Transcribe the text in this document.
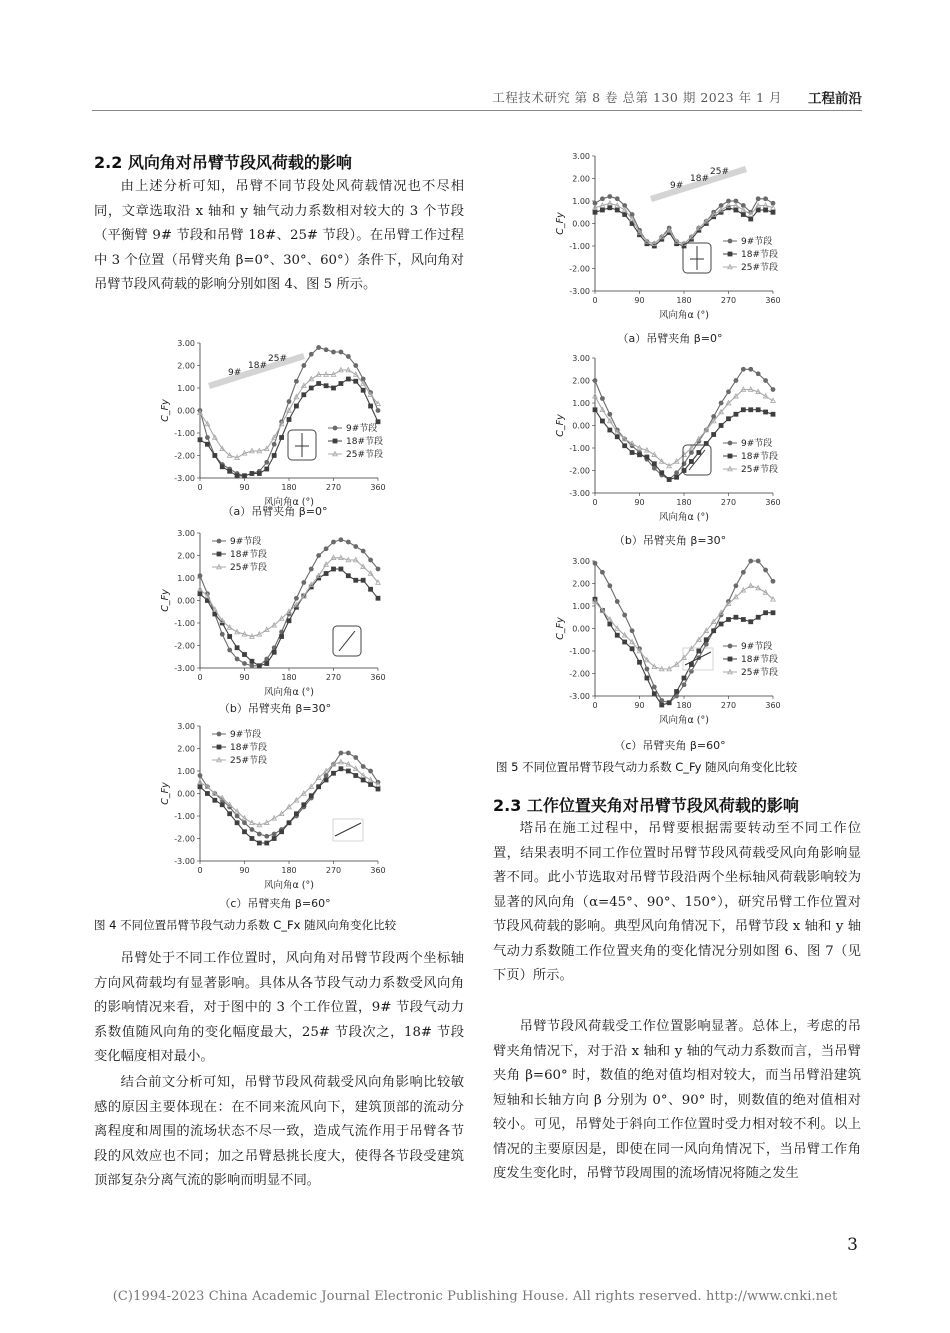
工程技术研究 第 8 卷 总第 130 期 2023 年 1 月 工程前沿
2.2 风向角对吊臂节段风荷载的影响

由上述分析可知，吊臂不同节段处风荷载情况也不尽相同，文章选取沿 x 轴和 y 轴气动力系数相对较大的 3 个节段（平衡臂 9# 节段和吊臂 18#、25# 节段）。在吊臂工作过程中 3 个位置（吊臂夹角 β=0°、30°、60°）条件下，风向角对吊臂节段风荷载的影响分别如图 4、图 5 所示。

2.3 工作位置夹角对吊臂节段风荷载的影响

塔吊在施工过程中，吊臂要根据需要转动至不同工作位置，结果表明不同工作位置时吊臂节段风荷载受风向角影响显著不同。此小节选取对吊臂节段沿两个坐标轴风荷载影响较为显著的风向角（α=45°、90°、150°），研究吊臂工作位置对节段风荷载的影响。典型风向角情况下，吊臂节段 x 轴和 y 轴气动力系数随工作位置夹角的变化情况分别如图 6、图 7（见下页）所示。

吊臂节段风荷载受工作位置影响显著。总体上，考虑的吊臂夹角情况下，对于沿 x 轴和 y 轴的气动力系数而言，当吊臂夹角 β=60° 时，数值的绝对值均相对较大，而当吊臂沿建筑短轴和长轴方向 β 分别为 0°、90° 时，则数值的绝对值相对较小。可见，吊臂处于斜向工作位置时受力相对较不利。以上情况的主要原因是，即使在同一风向角情况下，当吊臂工作角度发生变化时，吊臂节段周围的流场情况将随之发生

3.00
2.00
1.00
0.00
-1.00
-2.00
-3.00
0	90	180	270	360
风向角α (°)
C_Fy
9#节段
18#节段
25#节段
25#
18#
9#
（a）吊臂夹角 β=0°
3.00
2.00
1.00
0.00
-1.00
-2.00
-3.00
0	90	180	270	360
风向角α (°)
C_Fy
9#节段
18#节段
25#节段
（b）吊臂夹角 β=30°
3.00
2.00
1.00
0.00
-1.00
-2.00
-3.00
0	90	180	270	360
风向角α (°)
C_Fy
9#节段
18#节段
25#节段
（c）吊臂夹角 β=60°
图 4 不同位置吊臂节段气动力系数 C_Fx 随风向角变化比较

吊臂处于不同工作位置时，风向角对吊臂节段两个坐标轴方向风荷载均有显著影响。具体从各节段气动力系数受风向角的影响情况来看，对于图中的 3 个工作位置，9# 节段气动力系数值随风向角的变化幅度最大，25# 节段次之，18# 节段变化幅度相对最小。

结合前文分析可知，吊臂节段风荷载受风向角影响比较敏感的原因主要体现在：在不同来流风向下，建筑顶部的流动分离程度和周围的流场状态不尽一致，造成气流作用于吊臂各节段的风效应也不同；加之吊臂悬挑长度大，使得各节段受建筑顶部复杂分离气流的影响而明显不同。

3.00
2.00
1.00
0.00
-1.00
-2.00
-3.00
0	90	180	270	360
风向角α (°)
C_Fy
9#节段
18#节段
25#节段
25#
18#
9#
（a）吊臂夹角 β=0°
3.00
2.00
1.00
0.00
-1.00
-2.00
-3.00
0	90	180	270	360
风向角α (°)
C_Fy
9#节段
18#节段
25#节段
（b）吊臂夹角 β=30°
3.00
2.00
1.00
0.00
-1.00
-2.00
-3.00
0	90	180	270	360
风向角α (°)
C_Fy
9#节段
18#节段
25#节段
（c）吊臂夹角 β=60°
图 5 不同位置吊臂节段气动力系数 C_Fy 随风向角变化比较
3
(C)1994-2023 China Academic Journal Electronic Publishing House. All rights reserved. http://www.cnki.net
